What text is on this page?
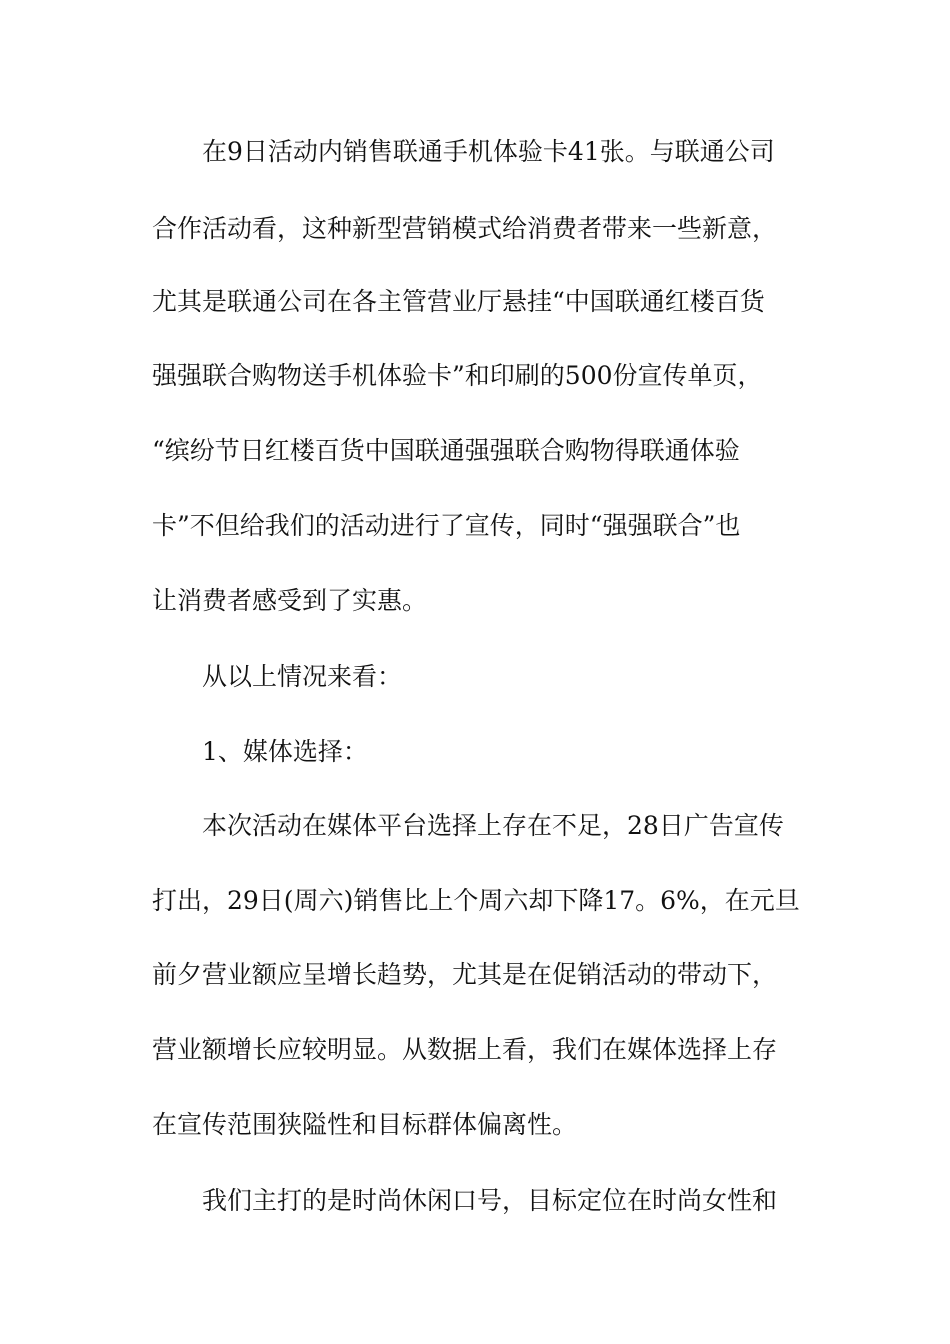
在9日活动内销售联通手机体验卡41张。与联通公司
合作活动看，这种新型营销模式给消费者带来一些新意，
尤其是联通公司在各主管营业厅悬挂“中国联通红楼百货
强强联合购物送手机体验卡”和印刷的500份宣传单页，
“缤纷节日红楼百货中国联通强强联合购物得联通体验
卡”不但给我们的活动进行了宣传，同时“强强联合”也
让消费者感受到了实惠。
从以上情况来看：
1、媒体选择：
本次活动在媒体平台选择上存在不足，28日广告宣传
打出，29日(周六)销售比上个周六却下降17。6%，在元旦
前夕营业额应呈增长趋势，尤其是在促销活动的带动下，
营业额增长应较明显。从数据上看，我们在媒体选择上存
在宣传范围狭隘性和目标群体偏离性。
我们主打的是时尚休闲口号，目标定位在时尚女性和
